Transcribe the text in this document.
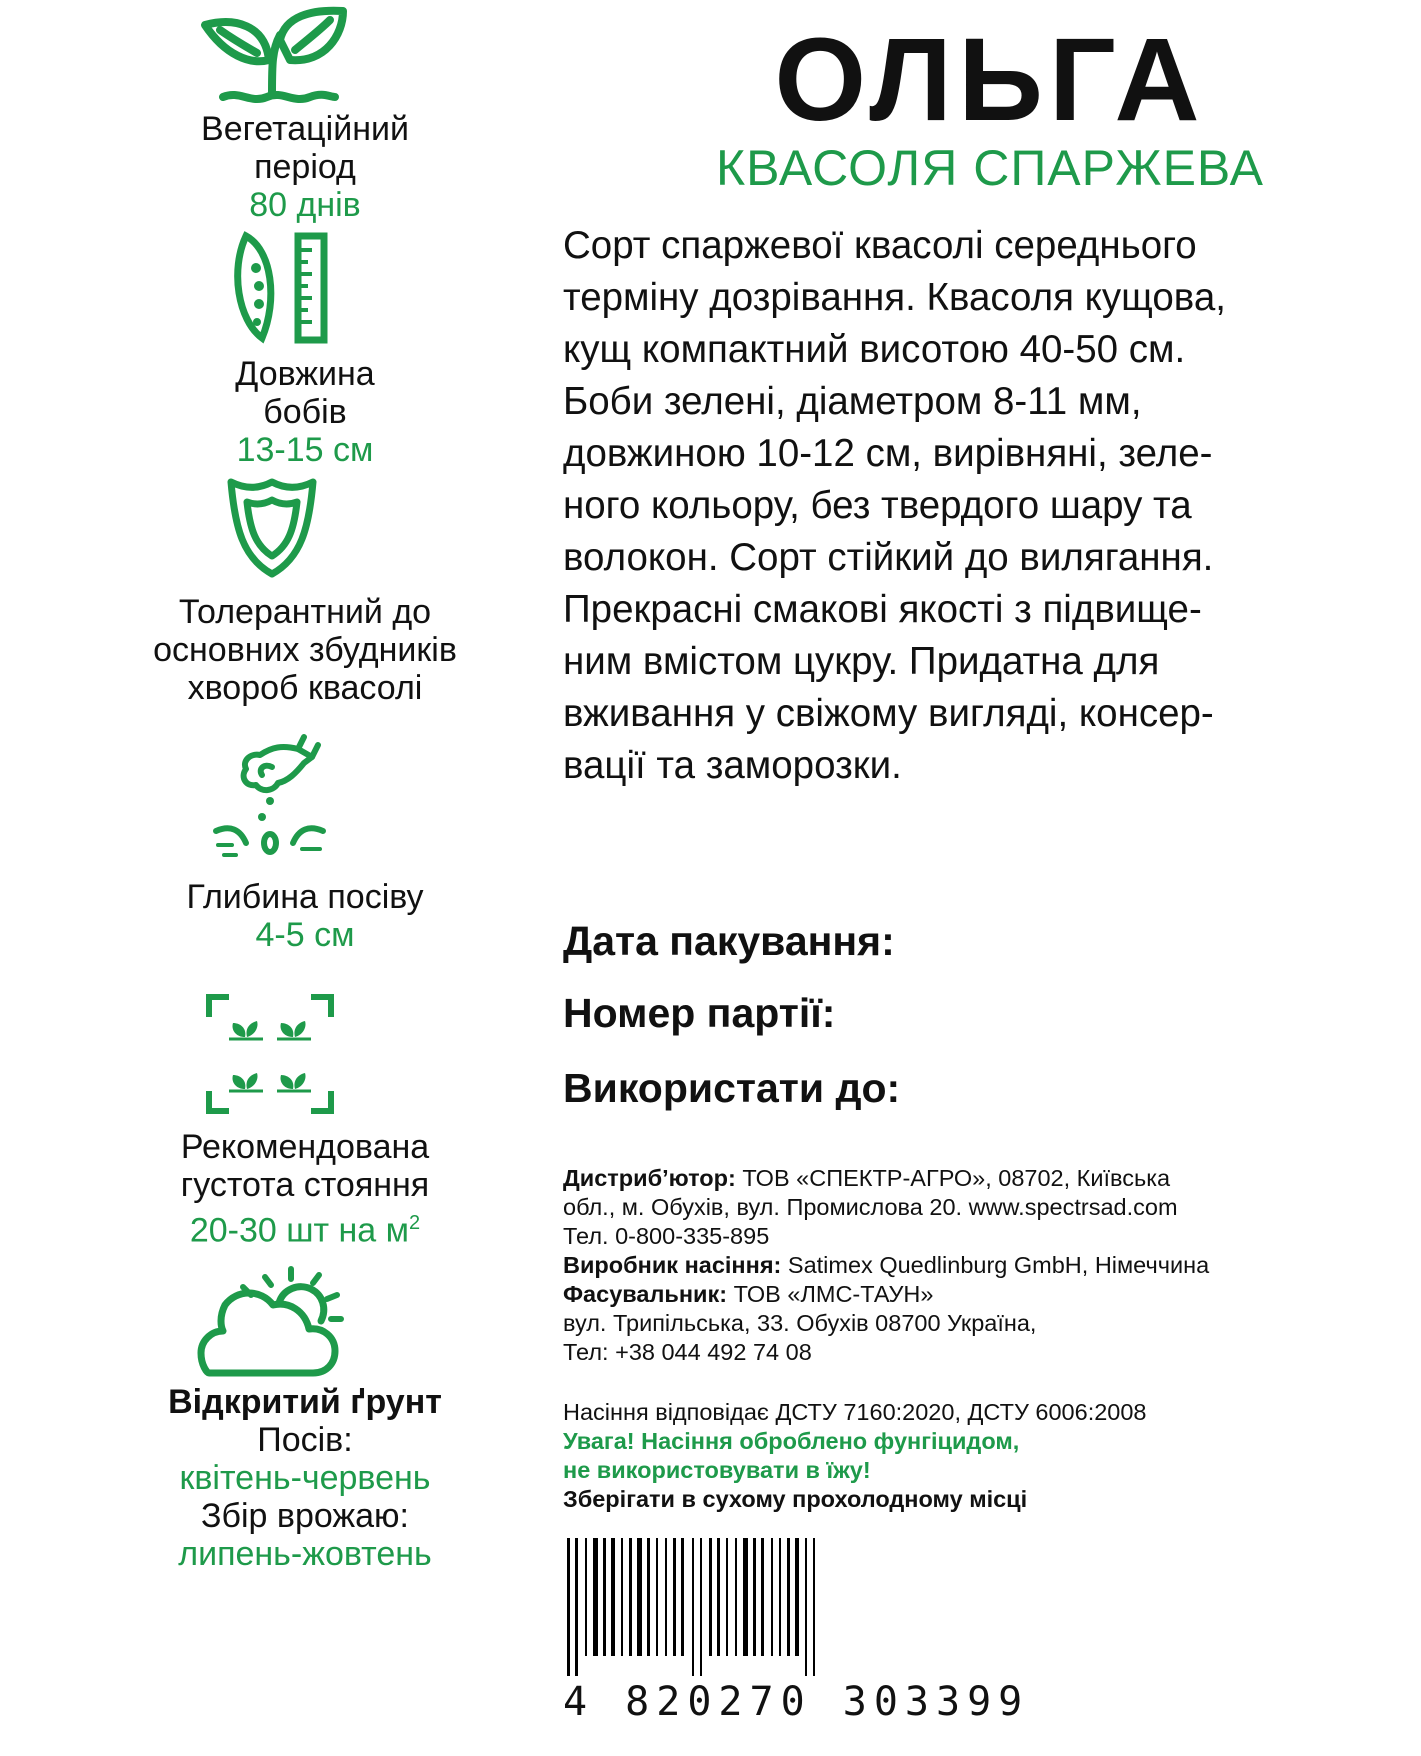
Вегетаційний
період
80 днів
Довжина
бобів
13-15 см
Толерантний до
основних збудників
хвороб квасолі
Глибина посіву
4-5 см
Рекомендована
густота стояння
20-30 шт на $м^2$
Відкритий ґрунт
Посів:
квітень-червень
Збір врожаю:
липень-жовтень
ОЛЬГА
КВАСОЛЯ СПАРЖЕВА
Сорт спаржевої квасолі середнього
терміну дозрівання. Квасоля кущова,
кущ компактний висотою 40-50 см.
Боби зелені, діаметром 8-11 мм,
довжиною 10-12 см, вирівняні, зеле-
ного кольору, без твердого шару та
волокон. Сорт стійкий до вилягання.
Прекрасні смакові якості з підвище-
ним вмістом цукру. Придатна для
вживання у свіжому вигляді, консер-
вації та заморозки.
Дата пакування:
Номер партії:
Використати до:
Дистриб’ютор: ТОВ «СПЕКТР-АГРО», 08702, Київська
обл., м. Обухів, вул. Промислова 20. www.spectrsad.com
Тел. 0-800-335-895
Виробник насіння: Satimex Quedlinburg GmbH, Німеччина
Фасувальник: ТОВ «ЛМС-ТАУН»
вул. Трипільська, 33. Обухів 08700 Україна,
Тел: +38 044 492 74 08
Насіння відповідає ДСТУ 7160:2020, ДСТУ 6006:2008
Увага! Насіння оброблено фунгіцидом,
не використовувати в їжу!
Зберігати в сухому прохолодному місці
4 820270 303399
